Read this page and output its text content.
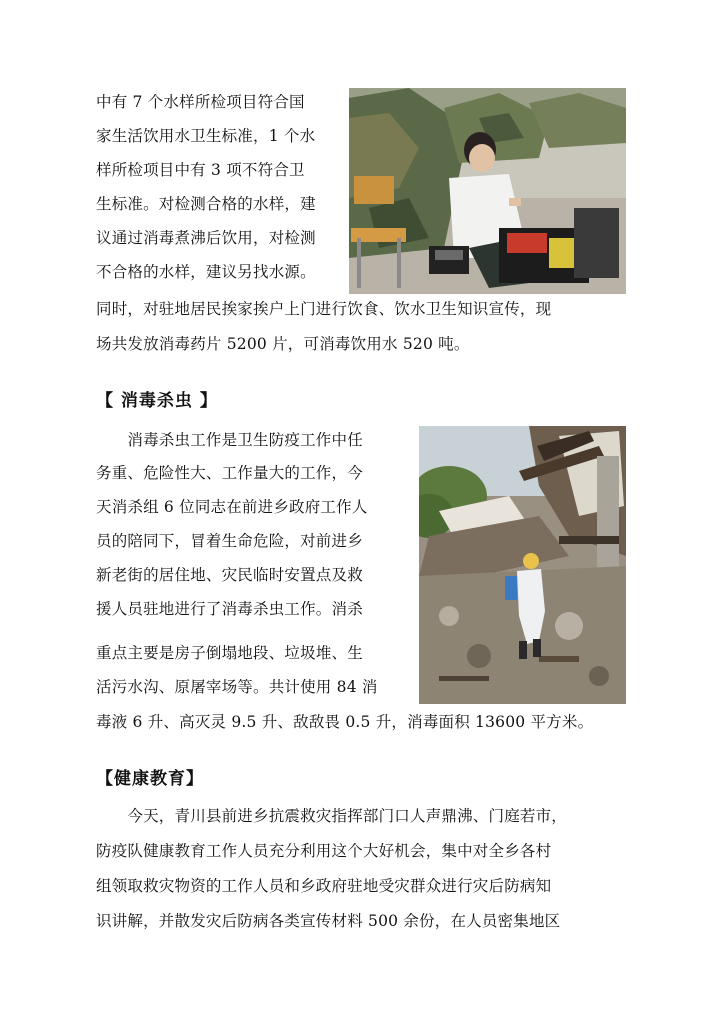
中有 7 个水样所检项目符合国
家生活饮用水卫生标准，1 个水
样所检项目中有 3 项不符合卫
生标准。对检测合格的水样，建
议通过消毒煮沸后饮用，对检测
不合格的水样，建议另找水源。
同时，对驻地居民挨家挨户上门进行饮食、饮水卫生知识宣传，现
场共发放消毒药片 5200 片，可消毒饮用水 520 吨。
【 消毒杀虫 】
　　消毒杀虫工作是卫生防疫工作中任
务重、危险性大、工作量大的工作，今
天消杀组 6 位同志在前进乡政府工作人
员的陪同下，冒着生命危险，对前进乡
新老街的居住地、灾民临时安置点及救
援人员驻地进行了消毒杀虫工作。消杀
重点主要是房子倒塌地段、垃圾堆、生
活污水沟、原屠宰场等。共计使用 84 消
毒液 6 升、高灭灵 9.5 升、敌敌畏 0.5 升，消毒面积 13600 平方米。
【健康教育】
　　今天，青川县前进乡抗震救灾指挥部门口人声鼎沸、门庭若市，
防疫队健康教育工作人员充分利用这个大好机会，集中对全乡各村
组领取救灾物资的工作人员和乡政府驻地受灾群众进行灾后防病知
识讲解，并散发灾后防病各类宣传材料 500 余份，在人员密集地区
